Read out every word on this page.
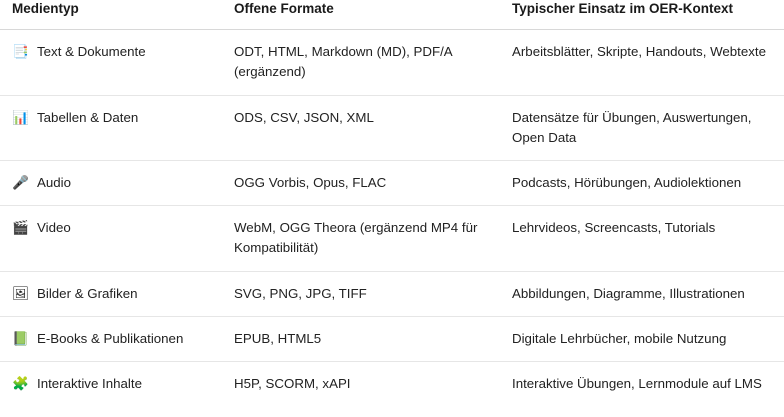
Medientyp	Offene Formate	Typischer Einsatz im OER-Kontext

📑 Text & Dokumente	ODT, HTML, Markdown (MD), PDF/A (ergänzend)	Arbeitsblätter, Skripte, Handouts, Webtexte

📊 Tabellen & Daten	ODS, CSV, JSON, XML	Datensätze für Übungen, Auswertungen, Open Data

🎤 Audio	OGG Vorbis, Opus, FLAC	Podcasts, Hörübungen, Audiolektionen

🎬 Video	WebM, OGG Theora (ergänzend MP4 für Kompatibilität)	Lehrvideos, Screencasts, Tutorials

🖼 Bilder & Grafiken	SVG, PNG, JPG, TIFF	Abbildungen, Diagramme, Illustrationen

📗 E-Books & Publikationen	EPUB, HTML5	Digitale Lehrbücher, mobile Nutzung

🧩 Interaktive Inhalte	H5P, SCORM, xAPI	Interaktive Übungen, Lernmodule auf LMS
